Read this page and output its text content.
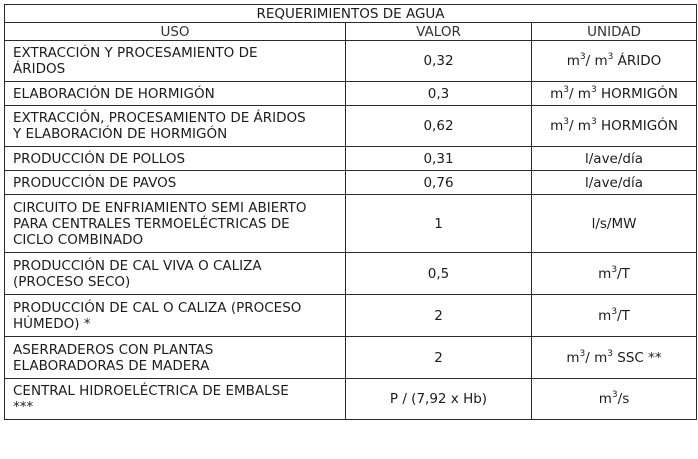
REQUERIMIENTOS DE AGUA		
USO	VALOR	UNIDAD
EXTRACCIÓN Y PROCESAMIENTO DE
ÁRIDOS	0,32	$m^3/$ $m^3$ ÁRIDO
ELABORACIÓN DE HORMIGÓN	0,3	$m^3/$ $m^3$ HORMIGÓN
EXTRACCIÓN, PROCESAMIENTO DE ÁRIDOS
Y ELABORACIÓN DE HORMIGÓN	0,62	$m^3/$ $m^3$ HORMIGÓN
PRODUCCIÓN DE POLLOS	0,31	l/ave/día
PRODUCCIÓN DE PAVOS	0,76	l/ave/día
CIRCUITO DE ENFRIAMIENTO SEMI ABIERTO
PARA CENTRALES TERMOELÉCTRICAS DE
CICLO COMBINADO	1	l/s/MW
PRODUCCIÓN DE CAL VIVA O CALIZA
(PROCESO SECO)	0,5	$m^3/T$
PRODUCCIÓN DE CAL O CALIZA (PROCESO
HÚMEDO) *	2	$m^3/T$
ASERRADEROS CON PLANTAS
ELABORADORAS DE MADERA	2	$m^3/$ $m^3$ SSC **
CENTRAL HIDROELÉCTRICA DE EMBALSE
***	P / (7,92 x Hb)	$m^3/s$
